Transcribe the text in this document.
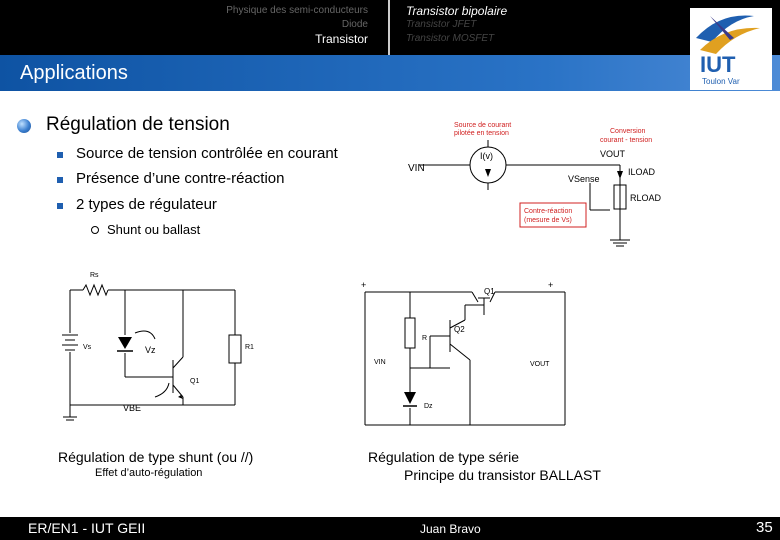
Physique des semi-conducteurs
Diode
Transistor
Transistor bipolaire
Transistor JFET
Transistor MOSFET
Applications	IUT
Toulon Var
Régulation de tension
Source de tension contrôlée en courant
Présence d’une contre-réaction
2 types de régulateur
Shunt ou ballast
VIN
I(v)	VOUT
ILOAD
VSense
RLOAD
Source de courant
pilotée en tension	Conversion
courant - tension
Contre-réaction
(mesure de Vs)
Rs
Vs	Vz	R1
Q1
VBE
+	+
Q1
Q2
R
Dz
VIN	VOUT
Régulation de type shunt (ou //)
Effet d’auto-régulation
Régulation de type série
Principe du transistor BALLAST
ER/EN1 - IUT GEII	Juan Bravo	35
